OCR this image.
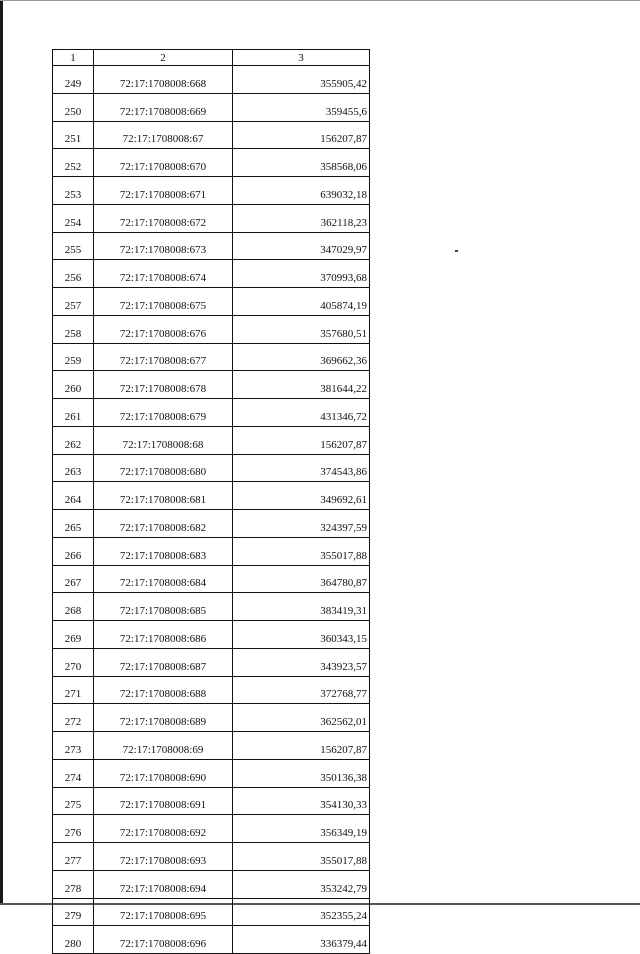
1	2	3
249	72:17:1708008:668	355905,42
250	72:17:1708008:669	359455,6
251	72:17:1708008:67	156207,87
252	72:17:1708008:670	358568,06
253	72:17:1708008:671	639032,18
254	72:17:1708008:672	362118,23
255	72:17:1708008:673	347029,97
256	72:17:1708008:674	370993,68
257	72:17:1708008:675	405874,19
258	72:17:1708008:676	357680,51
259	72:17:1708008:677	369662,36
260	72:17:1708008:678	381644,22
261	72:17:1708008:679	431346,72
262	72:17:1708008:68	156207,87
263	72:17:1708008:680	374543,86
264	72:17:1708008:681	349692,61
265	72:17:1708008:682	324397,59
266	72:17:1708008:683	355017,88
267	72:17:1708008:684	364780,87
268	72:17:1708008:685	383419,31
269	72:17:1708008:686	360343,15
270	72:17:1708008:687	343923,57
271	72:17:1708008:688	372768,77
272	72:17:1708008:689	362562,01
273	72:17:1708008:69	156207,87
274	72:17:1708008:690	350136,38
275	72:17:1708008:691	354130,33
276	72:17:1708008:692	356349,19
277	72:17:1708008:693	355017,88
278	72:17:1708008:694	353242,79
279	72:17:1708008:695	352355,24
280	72:17:1708008:696	336379,44
